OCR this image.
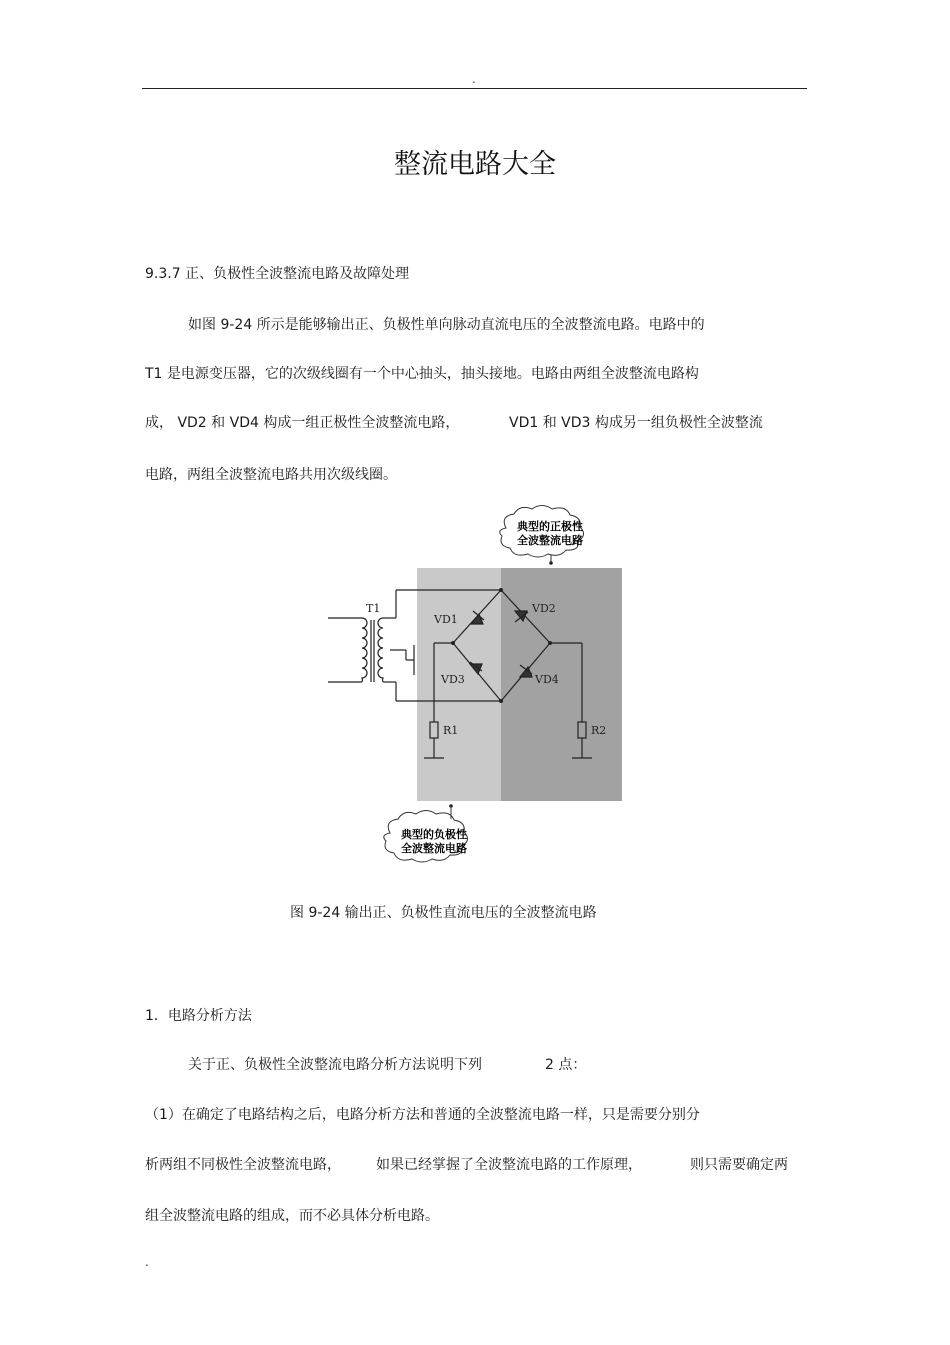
.
整流电路大全
9.3.7 正、负极性全波整流电路及故障处理
如图 9-24 所示是能够输出正、负极性单向脉动直流电压的全波整流电路。电路中的
T1 是电源变压器，它的次级线圈有一个中心抽头，抽头接地。电路由两组全波整流电路构
成， VD2 和 VD4 构成一组正极性全波整流电路，	VD1 和 VD3 构成另一组负极性全波整流
电路，两组全波整流电路共用次级线圈。
典型的正极性
全波整流电路
典型的负极性
全波整流电路
T1
VD1
VD2
VD3	VD4
R1	R2
图 9-24 输出正、负极性直流电压的全波整流电路
1．电路分析方法
关于正、负极性全波整流电路分析方法说明下列	2 点：
（1）在确定了电路结构之后，电路分析方法和普通的全波整流电路一样，只是需要分别分
析两组不同极性全波整流电路，	如果已经掌握了全波整流电路的工作原理，	则只需要确定两
组全波整流电路的组成，而不必具体分析电路。
.
